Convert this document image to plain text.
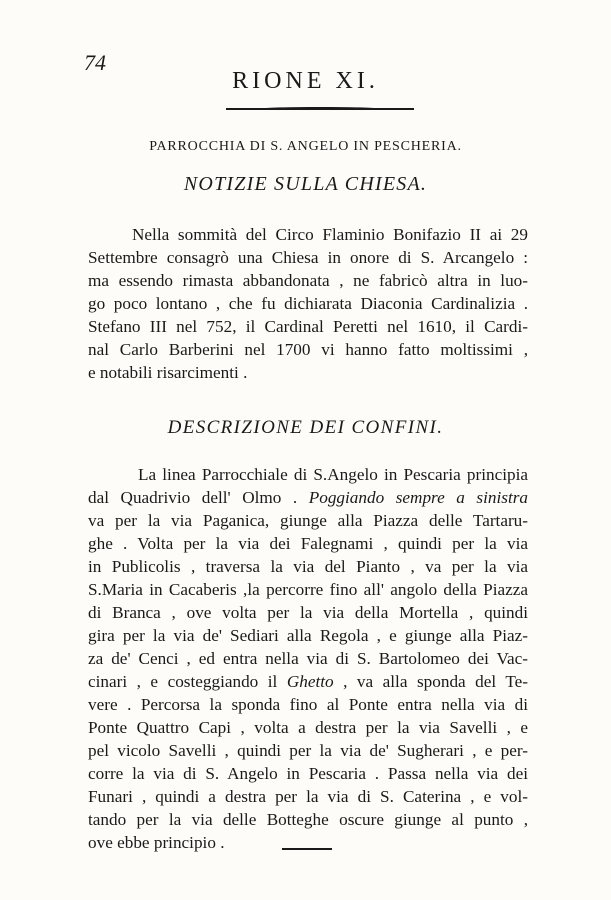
74
RIONE XI.
PARROCCHIA DI S. ANGELO IN PESCHERIA.
NOTIZIE SULLA CHIESA.
Nella sommità del Circo Flaminio Bonifazio II ai 29
Settembre consagrò una Chiesa in onore di S. Arcangelo :
ma essendo rimasta abbandonata , ne fabricò altra in luo-
go poco lontano , che fu dichiarata Diaconia Cardinalizia .
Stefano III nel 752, il Cardinal Peretti nel 1610, il Cardi-
nal Carlo Barberini nel 1700 vi hanno fatto moltissimi ,
e notabili risarcimenti .
DESCRIZIONE DEI CONFINI.
La linea Parrocchiale di S.Angelo in Pescaria principia
dal Quadrivio dell' Olmo . Poggiando sempre a sinistra
va per la via Paganica, giunge alla Piazza delle Tartaru-
ghe . Volta per la via dei Falegnami , quindi per la via
in Publicolis , traversa la via del Pianto , va per la via
S.Maria in Cacaberis ,la percorre fino all' angolo della Piazza
di Branca , ove volta per la via della Mortella , quindi
gira per la via de' Sediari alla Regola , e giunge alla Piaz-
za de' Cenci , ed entra nella via di S. Bartolomeo dei Vac-
cinari , e costeggiando il Ghetto , va alla sponda del Te-
vere . Percorsa la sponda fino al Ponte entra nella via di
Ponte Quattro Capi , volta a destra per la via Savelli , e
pel vicolo Savelli , quindi per la via de' Sugherari , e per-
corre la via di S. Angelo in Pescaria . Passa nella via dei
Funari , quindi a destra per la via di S. Caterina , e vol-
tando per la via delle Botteghe oscure giunge al punto ,
ove ebbe principio .
